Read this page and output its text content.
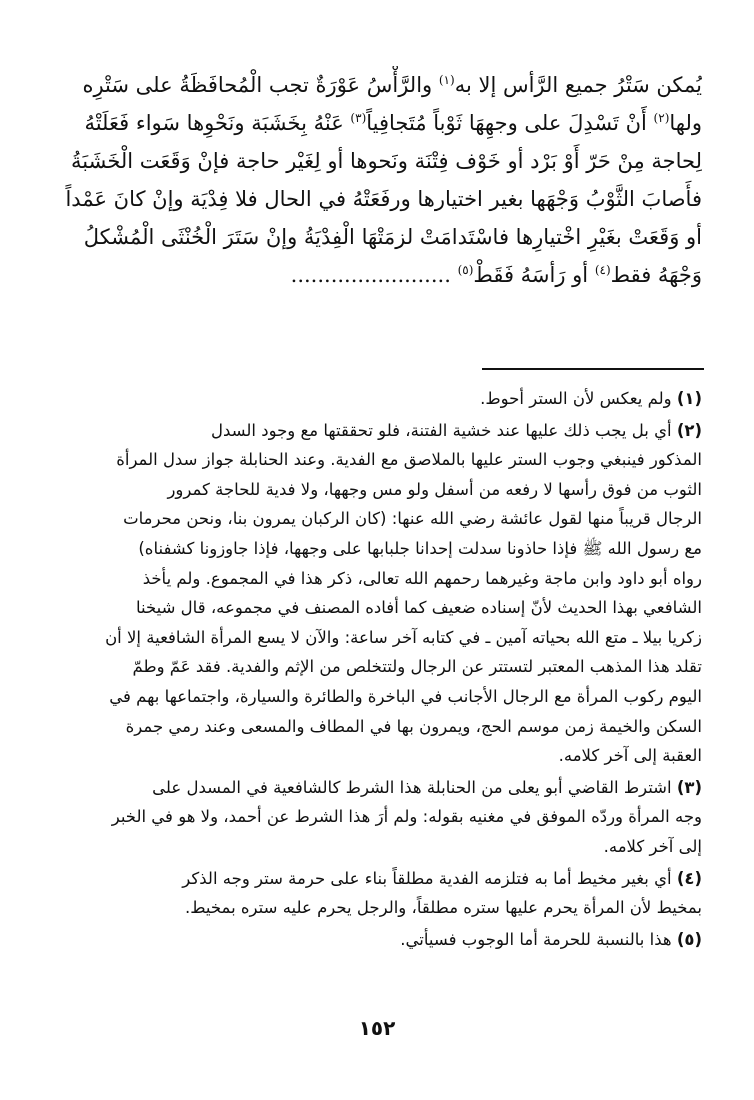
يُمكن سَتْرُ جميع الرَّأس إلا به$^{(١)}$ والرَّأْسُ عَوْرَةٌ تجب الْمُحافَظَةُ على سَتْرِه
ولها$^{(٢)}$ أَنْ تَسْدِلَ على وجهِهَا ثَوْباً مُتَجافِياً$^{(٣)}$ عَنْهُ بِخَشَبَة ونَحْوِها سَواء فَعَلَتْهُ
لِحاجة مِنْ حَرّ أَوْ بَرْد أو خَوْف فِتْنَة ونَحوها أو لِغَيْر حاجة فإنْ وَقَعَت الْخَشَبَةُ
فأَصابَ الثَّوْبُ وَجْهَها بغير اختيارها ورفَعَتْهُ في الحال فلا فِدْيَة وإنْ كانَ عَمْداً
أو وَقَعَتْ بغَيْرِ اخْتيارِها فاسْتَدامَتْ لزمَتْهَا الْفِدْيَةُ وإنْ سَتَرَ الْخُنْثَى الْمُشْكلُ
وَجْهَهُ فقط$^{(٤)}$ أو رَأسَهُ فَقَطْ$^{(٥)}$ ........................
(١) ولم يعكس لأن الستر أحوط.
(٢) أي بل يجب ذلك عليها عند خشية الفتنة، فلو تحققتها مع وجود السدل
المذكور فينبغي وجوب الستر عليها بالملاصق مع الفدية. وعند الحنابلة جواز سدل المرأة
الثوب من فوق رأسها لا رفعه من أسفل ولو مس وجهها، ولا فدية للحاجة كمرور
الرجال قريباً منها لقول عائشة رضي الله عنها: (كان الركبان يمرون بنا، ونحن محرمات
مع رسول الله ﷺ فإذا حاذونا سدلت إحدانا جلبابها على وجهها، فإذا جاوزونا كشفناه)
رواه أبو داود وابن ماجة وغيرهما رحمهم الله تعالى، ذكر هذا في المجموع. ولم يأخذ
الشافعي بهذا الحديث لأنّ إسناده ضعيف كما أفاده المصنف في مجموعه، قال شيخنا
زكريا بيلا ـ متع الله بحياته آمين ـ في كتابه آخر ساعة: والآن لا يسع المرأة الشافعية إلا أن
تقلد هذا المذهب المعتبر لتستتر عن الرجال ولتتخلص من الإثم والفدية. فقد عَمّ وطمّ
اليوم ركوب المرأة مع الرجال الأجانب في الباخرة والطائرة والسيارة، واجتماعها بهم في
السكن والخيمة زمن موسم الحج، ويمرون بها في المطاف والمسعى وعند رمي جمرة
العقبة إلى آخر كلامه.
(٣) اشترط القاضي أبو يعلى من الحنابلة هذا الشرط كالشافعية في المسدل على
وجه المرأة وردّه الموفق في مغنيه بقوله: ولم أرَ هذا الشرط عن أحمد، ولا هو في الخبر
إلى آخر كلامه.
(٤) أي بغير مخيط أما به فتلزمه الفدية مطلقاً بناء على حرمة ستر وجه الذكر
بمخيط لأن المرأة يحرم عليها ستره مطلقاً، والرجل يحرم عليه ستره بمخيط.
(٥) هذا بالنسبة للحرمة أما الوجوب فسيأتي.
١٥٢
